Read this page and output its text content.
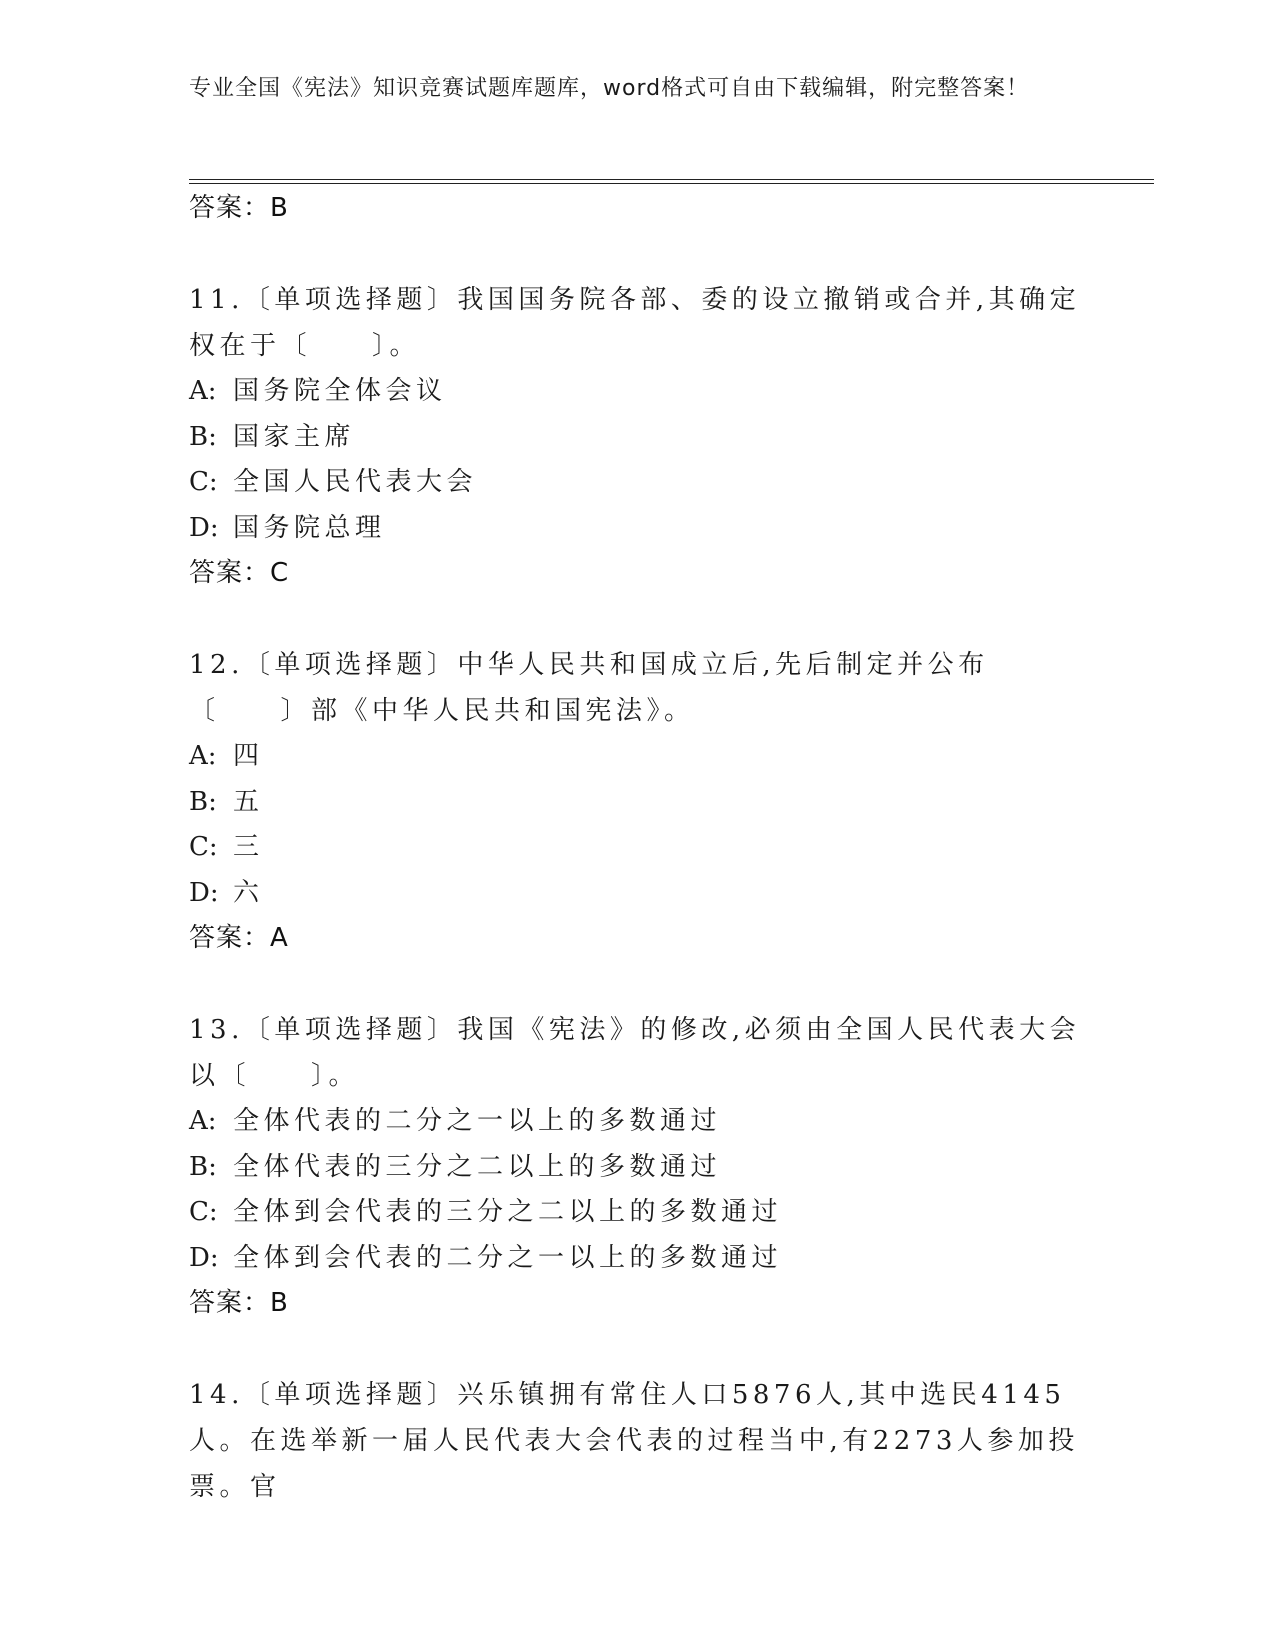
专业全国《宪法》知识竞赛试题库题库，word格式可自由下载编辑，附完整答案！
答案：B
11.〔单项选择题〕我国国务院各部、委的设立撤销或合并,其确定权在于〔　　〕。
A: 国务院全体会议
B: 国家主席
C: 全国人民代表大会
D: 国务院总理
答案：C
12.〔单项选择题〕中华人民共和国成立后,先后制定并公布〔　　〕部《中华人民共和国宪法》。
A: 四
B: 五
C: 三
D: 六
答案：A
13.〔单项选择题〕我国《宪法》的修改,必须由全国人民代表大会以〔　　〕。
A: 全体代表的二分之一以上的多数通过
B: 全体代表的三分之二以上的多数通过
C: 全体到会代表的三分之二以上的多数通过
D: 全体到会代表的二分之一以上的多数通过
答案：B
14.〔单项选择题〕兴乐镇拥有常住人口5876人,其中选民4145人。在选举新一届人民代表大会代表的过程当中,有2273人参加投票。官
